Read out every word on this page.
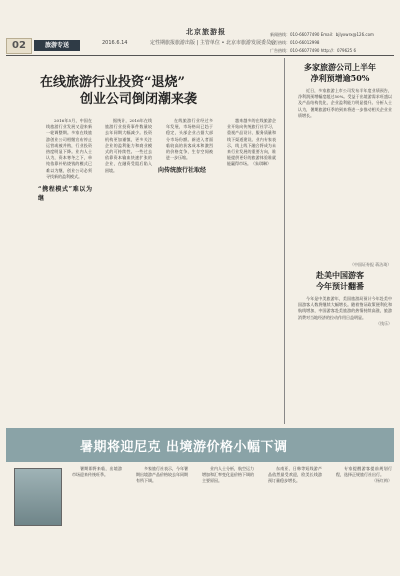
02	旅游专送	2016.6.14
北京旅游报
定性期旅报旅游出版 | 主管单位 • 北京市旅游发展委员会
新闻热线：010-66077490 Email：bjlyxwrx@126.com
发行热线：010-66012998
广告热线：010-66077490 http://：079625 6
在线旅游行业投资“退烧”
创业公司倒闭潮来袭

2016年5月，中国在线旅游行业发展又迎来新一轮调整期。多家在线旅游创业公司相继宣布停止运营或被并购，行业投资热度明显下降。业内人士认为，资本寒冬之下，单纯依靠补贴烧钱的模式已难以为继，创业公司必须寻找新的盈利模式。

“携程模式”难以为继

据统计，2016年在线旅游行业投资事件数量较去年同期大幅减少。投资机构更加谨慎，更多关注企业的盈利能力和商业模式的可持续性。一些过去依靠资本输血快速扩张的企业，在融资受阻后陷入困境。

在线旅游行业经过多年发展，市场格局已趋于稳定，头部企业占据大部分市场份额。新进入者面临较高的获客成本和激烈的价格竞争，生存空间被进一步压缩。

向传统旅行社取经

越来越多的在线旅游企业开始向传统旅行社学习，重视产品设计、服务质量和线下渠道建设。业内专家表示，线上线下融合将成为未来行业发展的重要方向，谁能提供更好的旅游体验谁就能赢得市场。（朱琪琳）

多家旅游公司上半年
净利预增逾50%

近日，多家旅游上市公司发布半年度业绩预告，净利润预增幅度超过50%。受益于出境游需求旺盛以及产品结构优化，企业盈利能力明显提升。分析人士认为，暑期旅游旺季的到来将进一步推动相关企业业绩增长。

（中国证券报 蒋洁琦）
赴美中国游客
今年预计翻番

今年是中美旅游年，美国旅游局预计今年赴美中国游客人数将继续大幅增长。随着签证政策便利化和航线增加，中国游客赴美旅游的热情持续高涨，旅游消费对当地经济的拉动作用日益明显。

（钱乐）
暑期将迎尼克 出境游价格小幅下调

暑期即将来临，出境游市场迎来传统旺季。

多家旅行社表示，今年暑期出境游产品价格较去年同期有所下调。

业内人士分析，航空运力增加和汇率变化是价格下调的主要原因。

东南亚、日韩等短线游产品依然最受欢迎，欧美长线游预订量稳步增长。

专家提醒游客提前规划行程，选择正规旅行社出行。

（杨红梅）
